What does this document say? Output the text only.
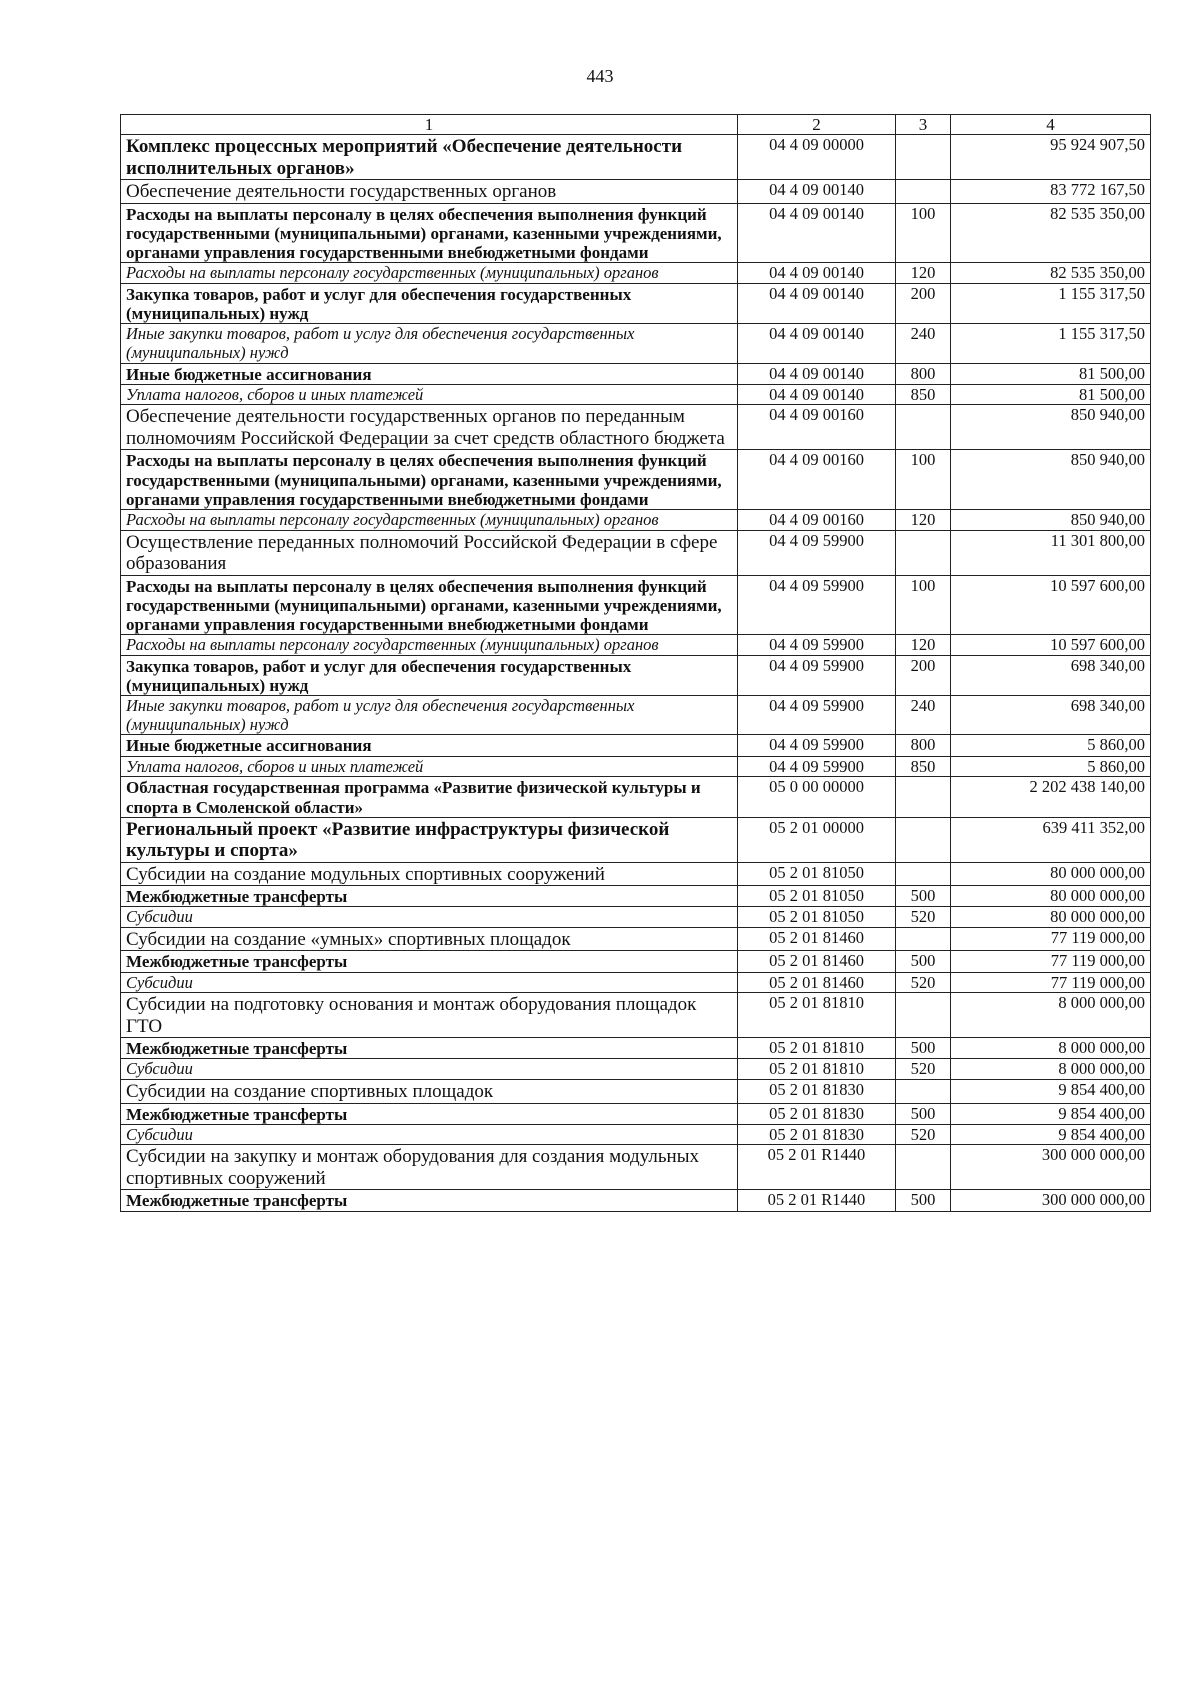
443
1	2	3	4
Комплекс процессных мероприятий «Обеспечение деятельности исполнительных органов»	04 4 09 00000		95 924 907,50
Обеспечение деятельности государственных органов	04 4 09 00140		83 772 167,50
Расходы на выплаты персоналу в целях обеспечения выполнения функций государственными (муниципальными) органами, казенными учреждениями, органами управления государственными внебюджетными фондами	04 4 09 00140	100	82 535 350,00
Расходы на выплаты персоналу государственных (муниципальных) органов	04 4 09 00140	120	82 535 350,00
Закупка товаров, работ и услуг для обеспечения государственных (муниципальных) нужд	04 4 09 00140	200	1 155 317,50
Иные закупки товаров, работ и услуг для обеспечения государственных (муниципальных) нужд	04 4 09 00140	240	1 155 317,50
Иные бюджетные ассигнования	04 4 09 00140	800	81 500,00
Уплата налогов, сборов и иных платежей	04 4 09 00140	850	81 500,00
Обеспечение деятельности государственных органов по переданным полномочиям Российской Федерации за счет средств областного бюджета	04 4 09 00160		850 940,00
Расходы на выплаты персоналу в целях обеспечения выполнения функций государственными (муниципальными) органами, казенными учреждениями, органами управления государственными внебюджетными фондами	04 4 09 00160	100	850 940,00
Расходы на выплаты персоналу государственных (муниципальных) органов	04 4 09 00160	120	850 940,00
Осуществление переданных полномочий Российской Федерации в сфере образования	04 4 09 59900		11 301 800,00
Расходы на выплаты персоналу в целях обеспечения выполнения функций государственными (муниципальными) органами, казенными учреждениями, органами управления государственными внебюджетными фондами	04 4 09 59900	100	10 597 600,00
Расходы на выплаты персоналу государственных (муниципальных) органов	04 4 09 59900	120	10 597 600,00
Закупка товаров, работ и услуг для обеспечения государственных (муниципальных) нужд	04 4 09 59900	200	698 340,00
Иные закупки товаров, работ и услуг для обеспечения государственных (муниципальных) нужд	04 4 09 59900	240	698 340,00
Иные бюджетные ассигнования	04 4 09 59900	800	5 860,00
Уплата налогов, сборов и иных платежей	04 4 09 59900	850	5 860,00
Областная государственная программа «Развитие физической культуры и спорта в Смоленской области»	05 0 00 00000		2 202 438 140,00
Региональный проект «Развитие инфраструктуры физической культуры и спорта»	05 2 01 00000		639 411 352,00
Субсидии на создание модульных спортивных сооружений	05 2 01 81050		80 000 000,00
Межбюджетные трансферты	05 2 01 81050	500	80 000 000,00
Субсидии	05 2 01 81050	520	80 000 000,00
Субсидии на создание «умных» спортивных площадок	05 2 01 81460		77 119 000,00
Межбюджетные трансферты	05 2 01 81460	500	77 119 000,00
Субсидии	05 2 01 81460	520	77 119 000,00
Субсидии на подготовку основания и монтаж оборудования площадок ГТО	05 2 01 81810		8 000 000,00
Межбюджетные трансферты	05 2 01 81810	500	8 000 000,00
Субсидии	05 2 01 81810	520	8 000 000,00
Субсидии на создание спортивных площадок	05 2 01 81830		9 854 400,00
Межбюджетные трансферты	05 2 01 81830	500	9 854 400,00
Субсидии	05 2 01 81830	520	9 854 400,00
Субсидии на закупку и монтаж оборудования для создания модульных спортивных сооружений	05 2 01 R1440		300 000 000,00
Межбюджетные трансферты	05 2 01 R1440	500	300 000 000,00
